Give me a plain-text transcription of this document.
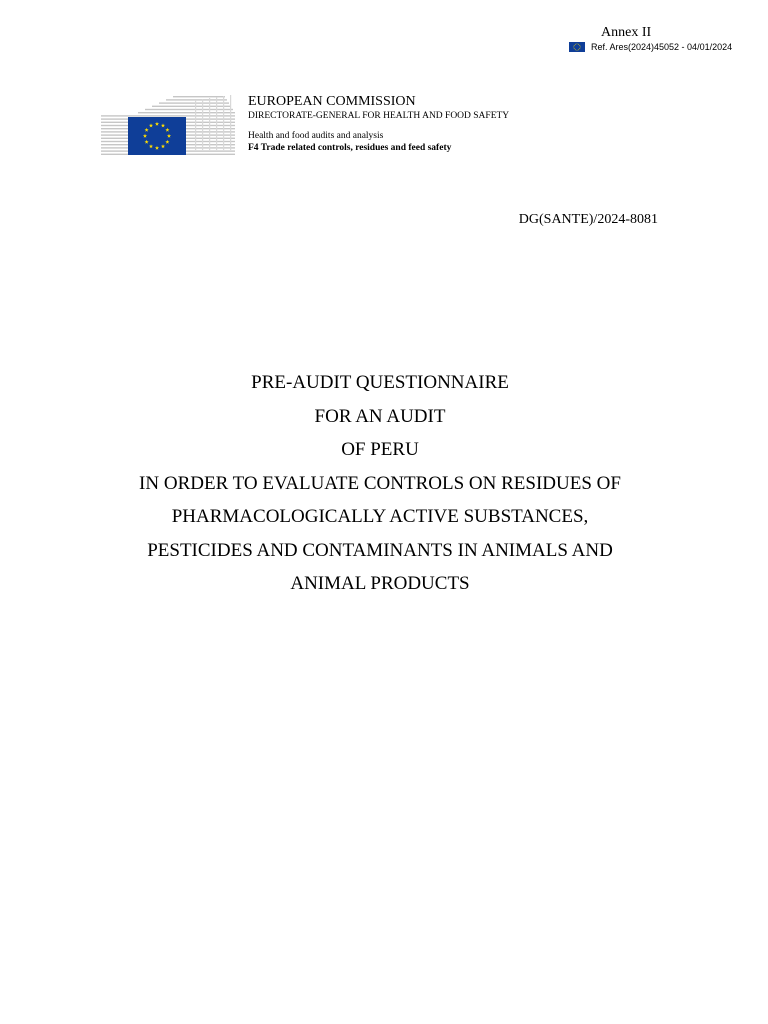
Annex II
Ref. Ares(2024)45052 - 04/01/2024
EUROPEAN COMMISSION
DIRECTORATE-GENERAL FOR HEALTH AND FOOD SAFETY
Health and food audits and analysis
F4 Trade related controls, residues and feed safety
DG(SANTE)/2024-8081
PRE-AUDIT QUESTIONNAIRE
FOR AN AUDIT
OF PERU
IN ORDER TO EVALUATE CONTROLS ON RESIDUES OF
PHARMACOLOGICALLY ACTIVE SUBSTANCES,
PESTICIDES AND CONTAMINANTS IN ANIMALS AND
ANIMAL PRODUCTS
